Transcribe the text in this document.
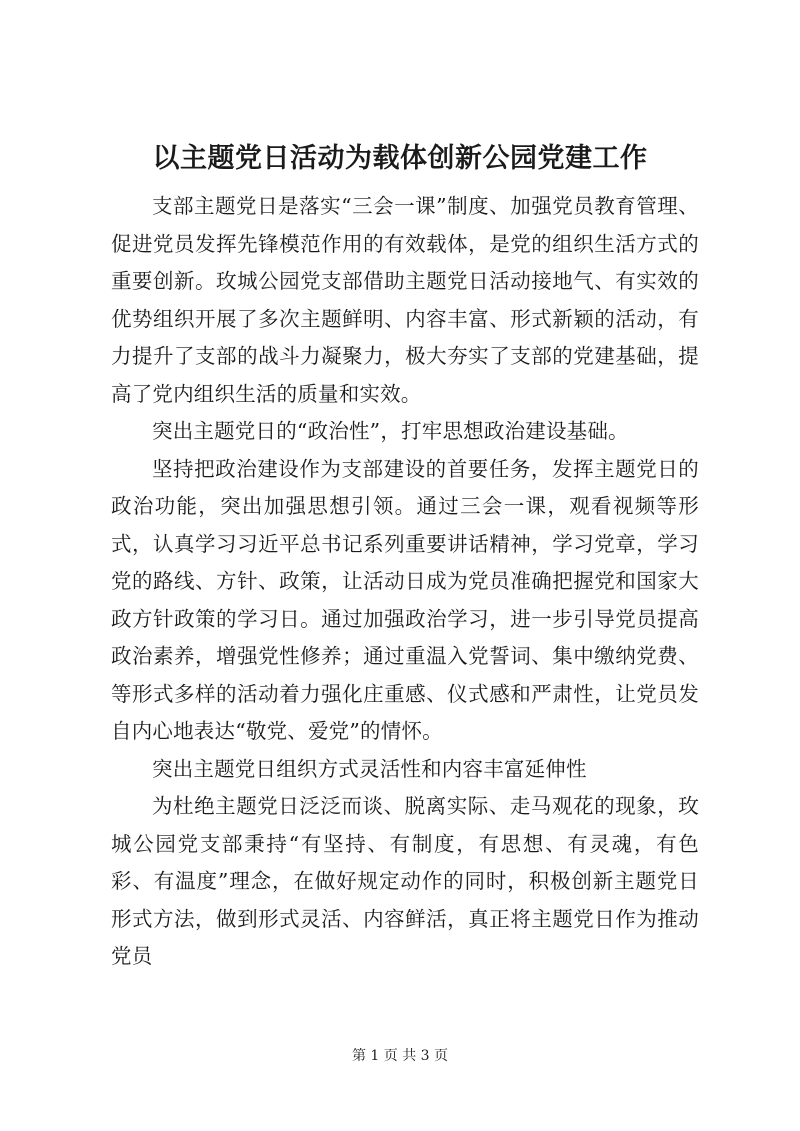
以主题党日活动为载体创新公园党建工作

支部主题党日是落实“三会一课”制度、加强党员教育管理、促进党员发挥先锋模范作用的有效载体，是党的组织生活方式的重要创新。玫城公园党支部借助主题党日活动接地气、有实效的优势组织开展了多次主题鲜明、内容丰富、形式新颖的活动，有力提升了支部的战斗力凝聚力，极大夯实了支部的党建基础，提高了党内组织生活的质量和实效。

突出主题党日的“政治性”，打牢思想政治建设基础。

坚持把政治建设作为支部建设的首要任务，发挥主题党日的政治功能，突出加强思想引领。通过三会一课，观看视频等形式，认真学习习近平总书记系列重要讲话精神，学习党章，学习党的路线、方针、政策，让活动日成为党员准确把握党和国家大政方针政策的学习日。通过加强政治学习，进一步引导党员提高政治素养，增强党性修养；通过重温入党誓词、集中缴纳党费、等形式多样的活动着力强化庄重感、仪式感和严肃性，让党员发自内心地表达“敬党、爱党”的情怀。

突出主题党日组织方式灵活性和内容丰富延伸性

为杜绝主题党日泛泛而谈、脱离实际、走马观花的现象，玫城公园党支部秉持“有坚持、有制度，有思想、有灵魂，有色彩、有温度”理念，在做好规定动作的同时，积极创新主题党日形式方法，做到形式灵活、内容鲜活，真正将主题党日作为推动党员

第 1 页 共 3 页
